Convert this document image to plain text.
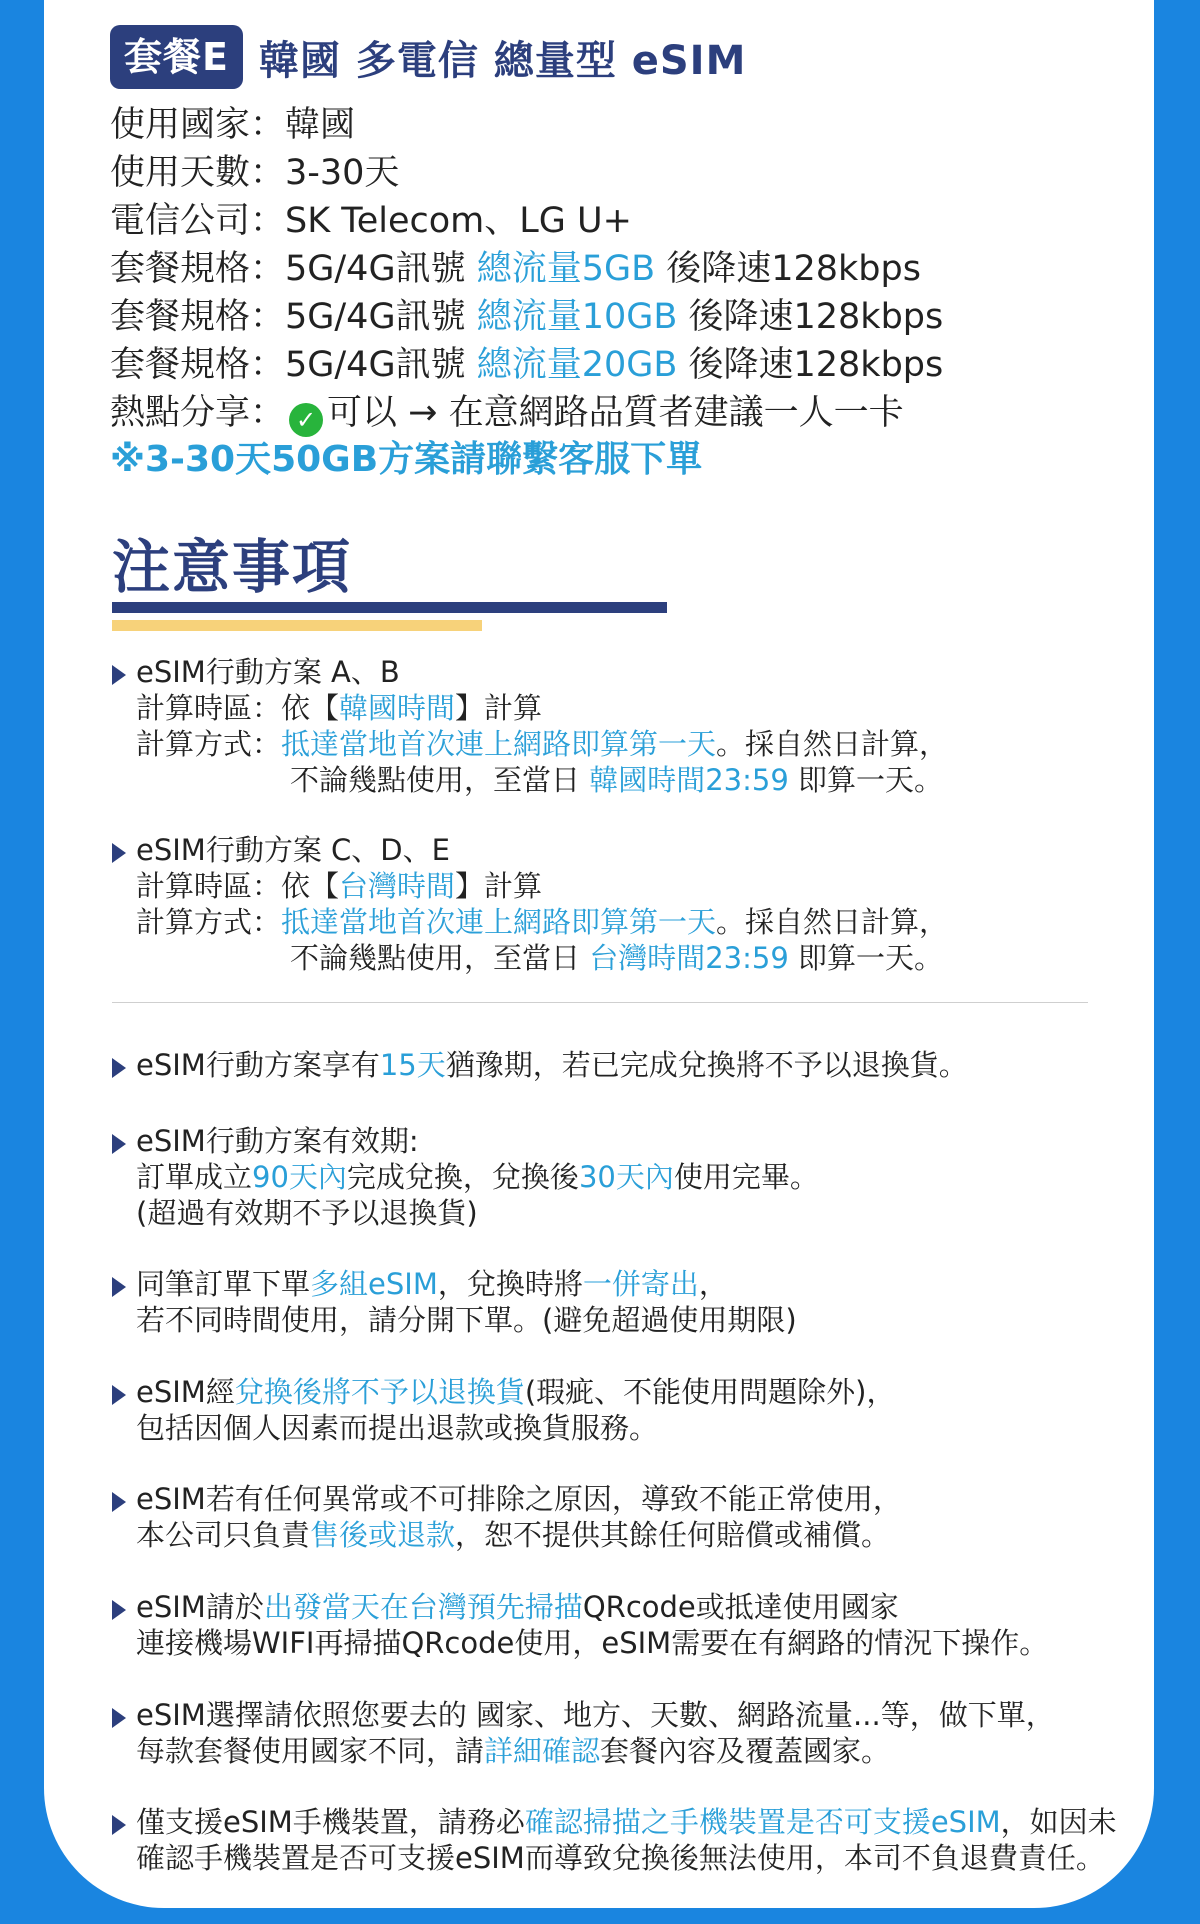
套餐E 韓國 多電信 總量型 eSIM
使用國家：韓國
使用天數：3-30天
電信公司：SK Telecom、LG U+
套餐規格：5G/4G訊號 總流量5GB 後降速128kbps
套餐規格：5G/4G訊號 總流量10GB 後降速128kbps
套餐規格：5G/4G訊號 總流量20GB 後降速128kbps
熱點分享： ✓ 可以 → 在意網路品質者建議一人一卡
※3-30天50GB方案請聯繫客服下單
注意事項
eSIM行動方案 A、B
計算時區：依【韓國時間】計算
計算方式：抵達當地首次連上網路即算第一天。採自然日計算，
不論幾點使用，至當日 韓國時間23:59 即算一天。
eSIM行動方案 C、D、E
計算時區：依【台灣時間】計算
計算方式：抵達當地首次連上網路即算第一天。採自然日計算，
不論幾點使用，至當日 台灣時間23:59 即算一天。
eSIM行動方案享有15天猶豫期，若已完成兌換將不予以退換貨。
eSIM行動方案有效期:
訂單成立90天內完成兌換，兌換後30天內使用完畢。
(超過有效期不予以退換貨)
同筆訂單下單多組eSIM，兌換時將一併寄出，
若不同時間使用，請分開下單。(避免超過使用期限)
eSIM經兌換後將不予以退換貨(瑕疵、不能使用問題除外)，
包括因個人因素而提出退款或換貨服務。
eSIM若有任何異常或不可排除之原因，導致不能正常使用，
本公司只負責售後或退款，恕不提供其餘任何賠償或補償。
eSIM請於出發當天在台灣預先掃描QRcode或抵達使用國家
連接機場WIFI再掃描QRcode使用，eSIM需要在有網路的情況下操作。
eSIM選擇請依照您要去的 國家、地方、天數、網路流量...等，做下單，
每款套餐使用國家不同，請詳細確認套餐內容及覆蓋國家。
僅支援eSIM手機裝置，請務必確認掃描之手機裝置是否可支援eSIM，如因未
確認手機裝置是否可支援eSIM而導致兌換後無法使用，本司不負退費責任。
